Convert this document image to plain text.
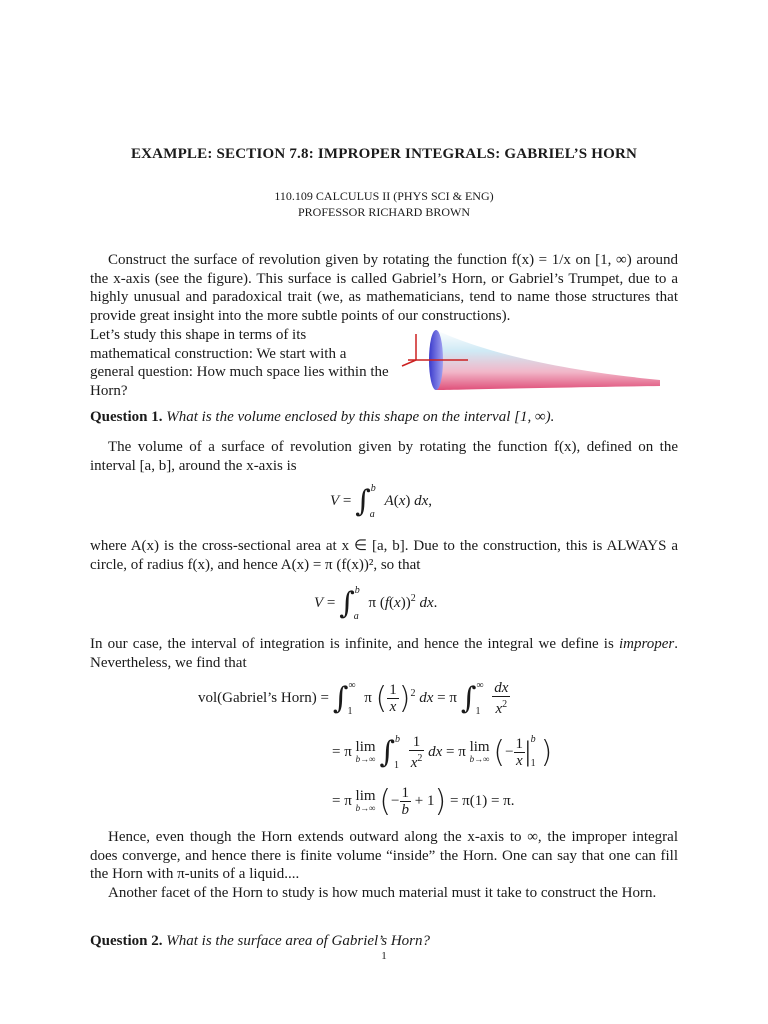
EXAMPLE: SECTION 7.8: IMPROPER INTEGRALS: GABRIEL’S HORN
110.109 CALCULUS II (PHYS SCI & ENG)
PROFESSOR RICHARD BROWN
Construct the surface of revolution given by rotating the function f(x) = 1/x on [1, ∞) around the x-axis (see the figure). This surface is called Gabriel’s Horn, or Gabriel’s Trumpet, due to a highly unusual and paradoxical trait (we, as mathematicians, tend to name those structures that provide great insight into the more subtle points of our constructions).
Let’s study this shape in terms of its mathematical construction: We start with a general question: How much space lies within the Horn?
Question 1. What is the volume enclosed by this shape on the interval [1, ∞).
The volume of a surface of revolution given by rotating the function f(x), defined on the interval [a, b], around the x-axis is
V = ∫$^b_a$ A(x) dx,
where A(x) is the cross-sectional area at x ∈ [a, b]. Due to the construction, this is ALWAYS a circle, of radius f(x), and hence A(x) = π (f(x))², so that
V = ∫$^b_a$ π $(f(x))^2$ dx.
In our case, the interval of integration is infinite, and hence the integral we define is improper. Nevertheless, we find that
vol(Gabriel’s Horn) = $\int^\infty_1$ π ( $\frac{1}{x} )^2$ dx = π $\int^\infty_1 \frac{dx}{x^2}$
= π lim
b→∞ $\int^b_1 \frac{1}{x^2}$ dx = π lim
b→∞ (− $\frac{1}{x} |^b_1$ )
= π lim
b→∞ (− $\frac{1}{b} + 1) = \pi(1) = \pi$.
Hence, even though the Horn extends outward along the x-axis to ∞, the improper integral does converge, and hence there is finite volume “inside” the Horn. One can say that one can fill the Horn with π-units of a liquid....
Another facet of the Horn to study is how much material must it take to construct the Horn.
Question 2. What is the surface area of Gabriel’s Horn?
1
